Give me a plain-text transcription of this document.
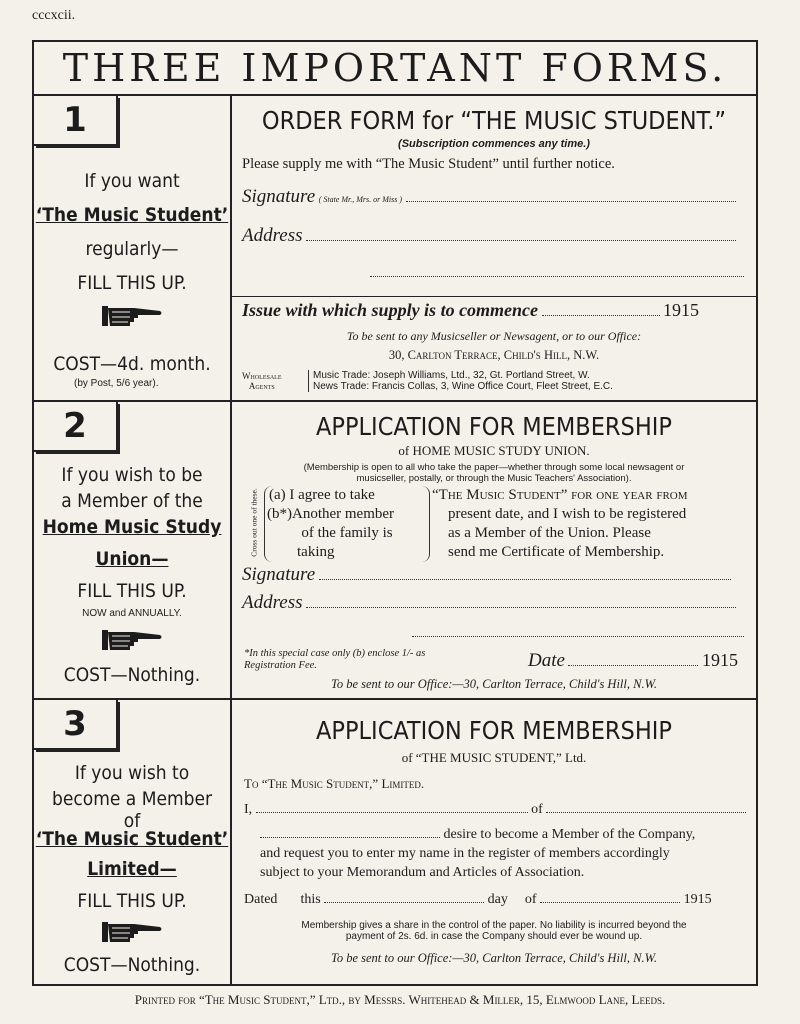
cccxcii.
THREE IMPORTANT FORMS.
1
If you want
‘The Music Student’
regularly—
FILL THIS UP.
COST—4d. month.
(by Post, 5/6 year).
ORDER FORM for “THE MUSIC STUDENT.”
(Subscription commences any time.)
Please supply me with “The Music Student” until further notice.
Signature ( State Mr., Mrs. or Miss )
Address
Issue with which supply is to commence	1915
To be sent to any Musicseller or Newsagent, or to our Office:
30, Carlton Terrace, Child's Hill, N.W.
Wholesale
Agents
Music Trade: Joseph Williams, Ltd., 32, Gt. Portland Street, W.
News Trade: Francis Collas, 3, Wine Office Court, Fleet Street, E.C.
2
If you wish to be
a Member of the
Home Music Study
Union—
FILL THIS UP.
NOW and ANNUALLY.
COST—Nothing.
APPLICATION FOR MEMBERSHIP
of HOME MUSIC STUDY UNION.
(Membership is open to all who take the paper—whether through some local newsagent or
musicseller, postally, or through the Music Teachers' Association).
Cross out one of these. (a) I agree to take
(b*)Another member
of the family is
taking
“The Music Student” for one year from
present date, and I wish to be registered
as a Member of the Union. Please
send me Certificate of Membership.
Signature
Address
*In this special case only (b) enclose 1/- as
Registration Fee.	Date	1915
To be sent to our Office:—30, Carlton Terrace, Child's Hill, N.W.
3
If you wish to
become a Member
of
‘The Music Student’
Limited—
FILL THIS UP.
COST—Nothing.
APPLICATION FOR MEMBERSHIP
of “THE MUSIC STUDENT,” Ltd.
To “The Music Student,” Limited.
I,	of
desire to become a Member of the Company,
and request you to enter my name in the register of members accordingly
subject to your Memorandum and Articles of Association.
Dated this	day of	1915
Membership gives a share in the control of the paper. No liability is incurred beyond the
payment of 2s. 6d. in case the Company should ever be wound up.
To be sent to our Office:—30, Carlton Terrace, Child's Hill, N.W.
Printed for “The Music Student,” Ltd., by Messrs. Whitehead & Miller, 15, Elmwood Lane, Leeds.
